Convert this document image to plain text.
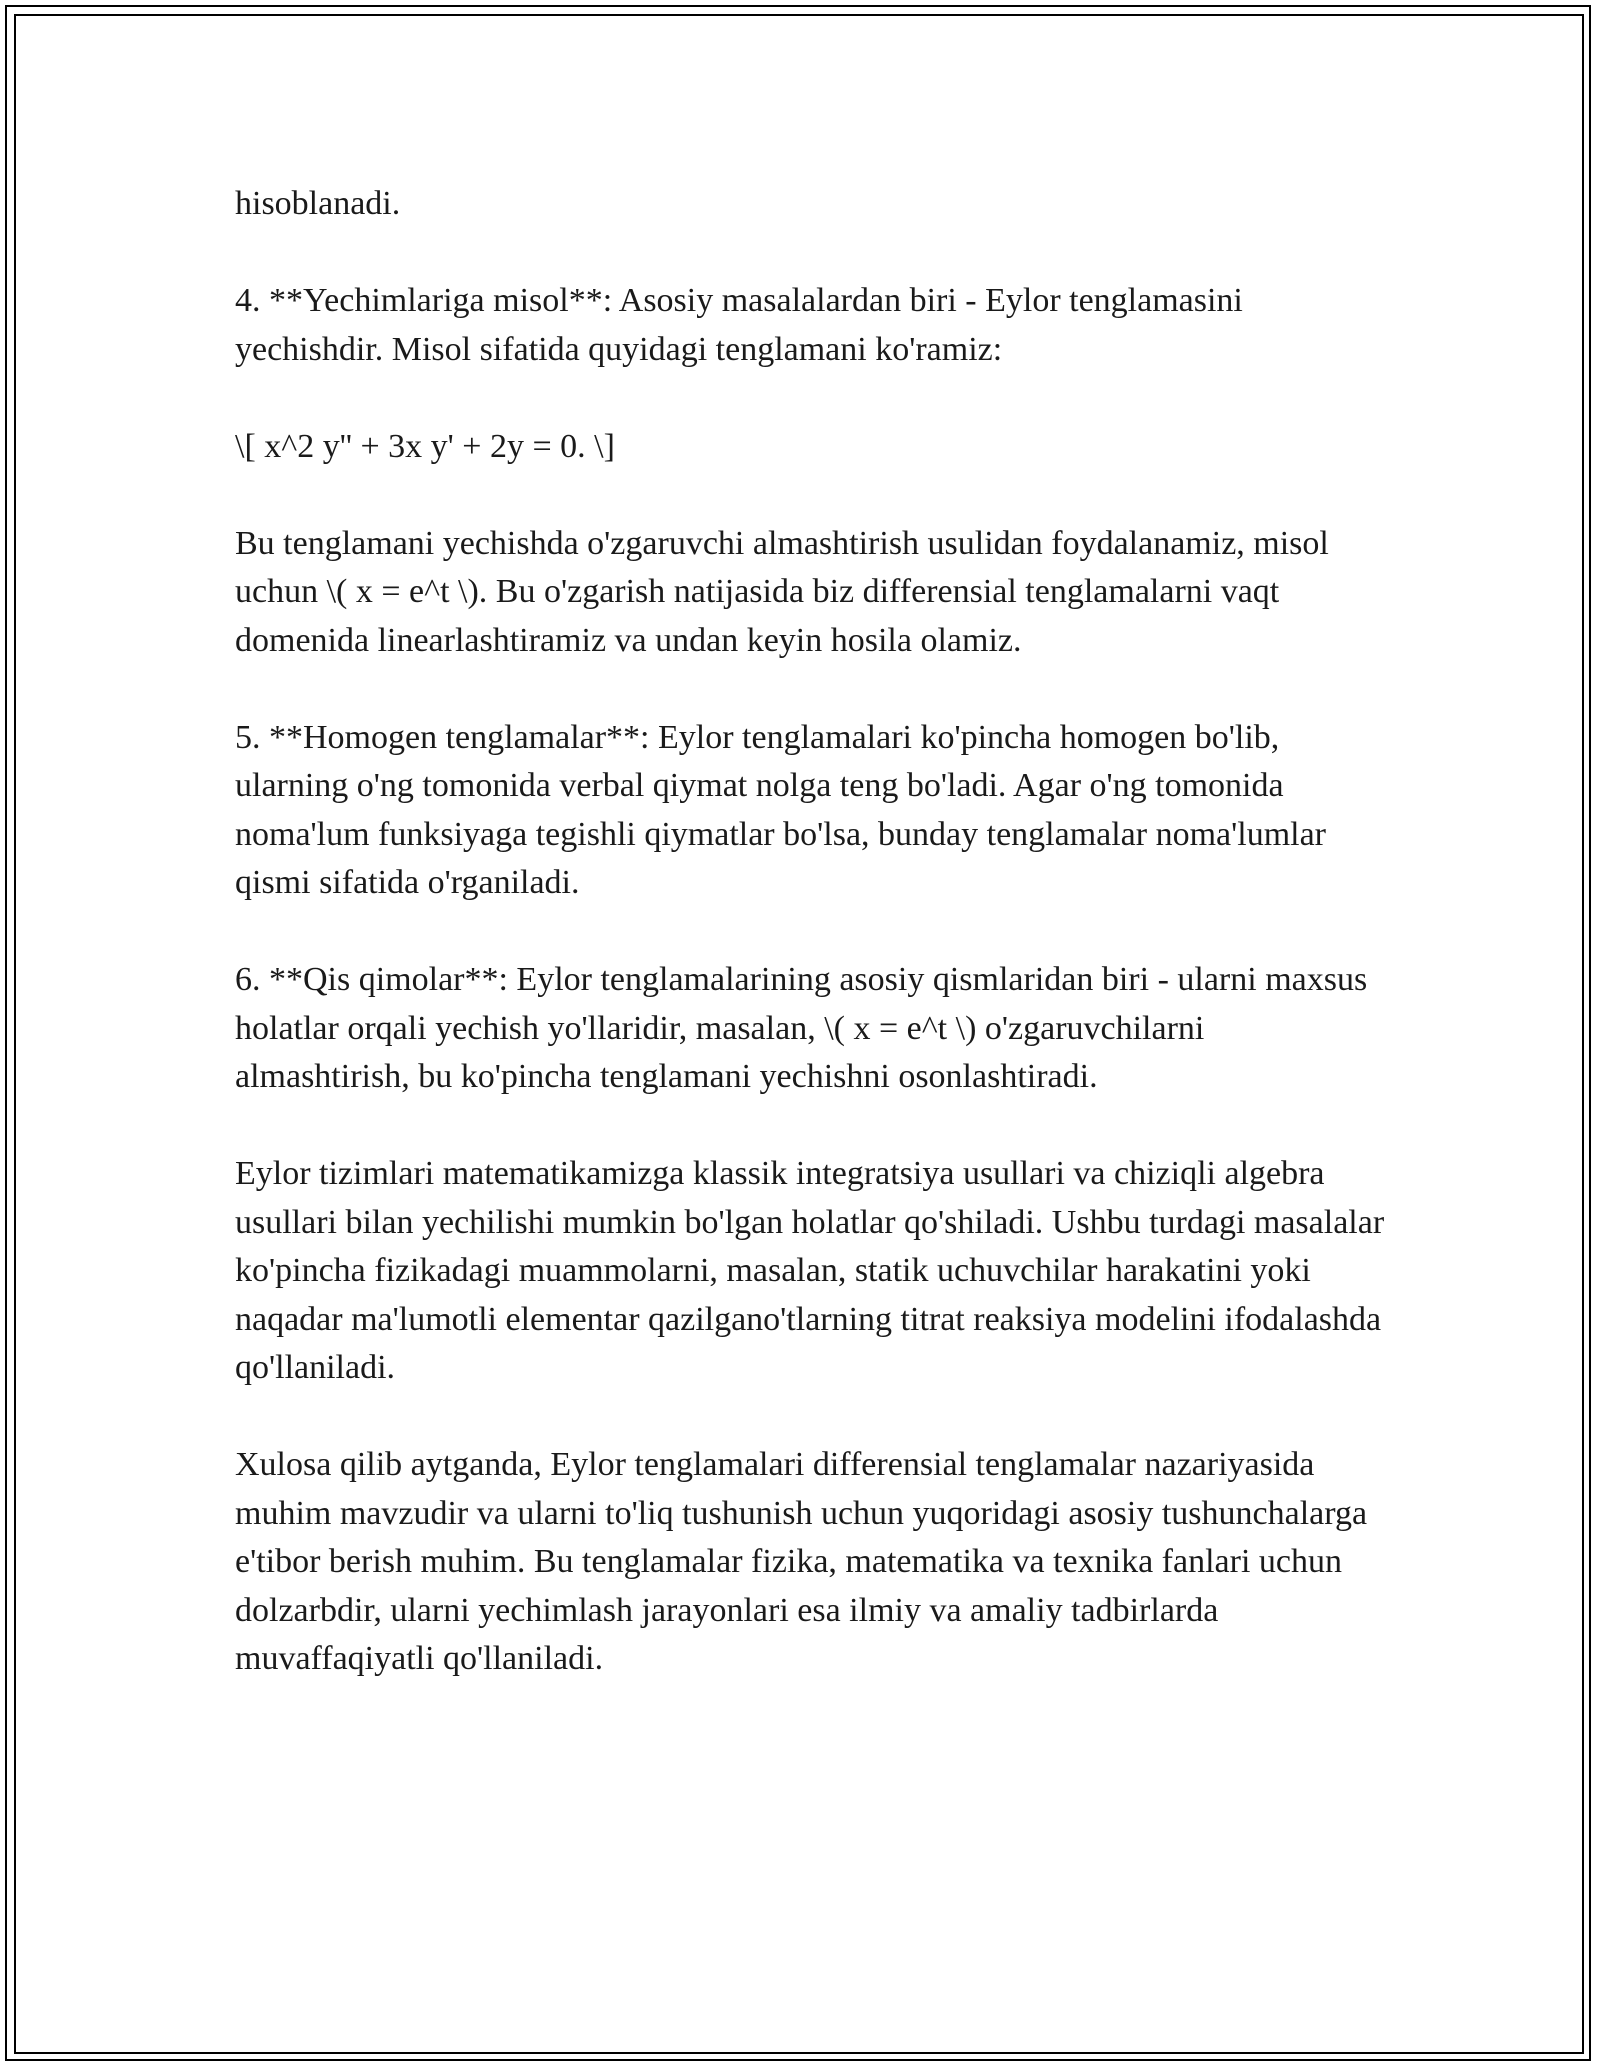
hisoblanadi.

4. **Yechimlariga misol**: Asosiy masalalardan biri - Eylor tenglamasini yechishdir. Misol sifatida quyidagi tenglamani ko'ramiz:

\[ x^2 y'' + 3x y' + 2y = 0. \]

Bu tenglamani yechishda o'zgaruvchi almashtirish usulidan foydalanamiz, misol uchun \( x = e^t \). Bu o'zgarish natijasida biz differensial tenglamalarni vaqt domenida linearlashtiramiz va undan keyin hosila olamiz.

5. **Homogen tenglamalar**: Eylor tenglamalari ko'pincha homogen bo'lib, ularning o'ng tomonida verbal qiymat nolga teng bo'ladi. Agar o'ng tomonida noma'lum funksiyaga tegishli qiymatlar bo'lsa, bunday tenglamalar noma'lumlar qismi sifatida o'rganiladi.

6. **Qis qimolar**: Eylor tenglamalarining asosiy qismlaridan biri - ularni maxsus holatlar orqali yechish yo'llaridir, masalan, \( x = e^t \) o'zgaruvchilarni almashtirish, bu ko'pincha tenglamani yechishni osonlashtiradi.

Eylor tizimlari matematikamizga klassik integratsiya usullari va chiziqli algebra usullari bilan yechilishi mumkin bo'lgan holatlar qo'shiladi. Ushbu turdagi masalalar ko'pincha fizikadagi muammolarni, masalan, statik uchuvchilar harakatini yoki naqadar ma'lumotli elementar qazilgano'tlarning titrat reaksiya modelini ifodalashda qo'llaniladi.

Xulosa qilib aytganda, Eylor tenglamalari differensial tenglamalar nazariyasida muhim mavzudir va ularni to'liq tushunish uchun yuqoridagi asosiy tushunchalarga e'tibor berish muhim. Bu tenglamalar fizika, matematika va texnika fanlari uchun dolzarbdir, ularni yechimlash jarayonlari esa ilmiy va amaliy tadbirlarda muvaffaqiyatli qo'llaniladi.
